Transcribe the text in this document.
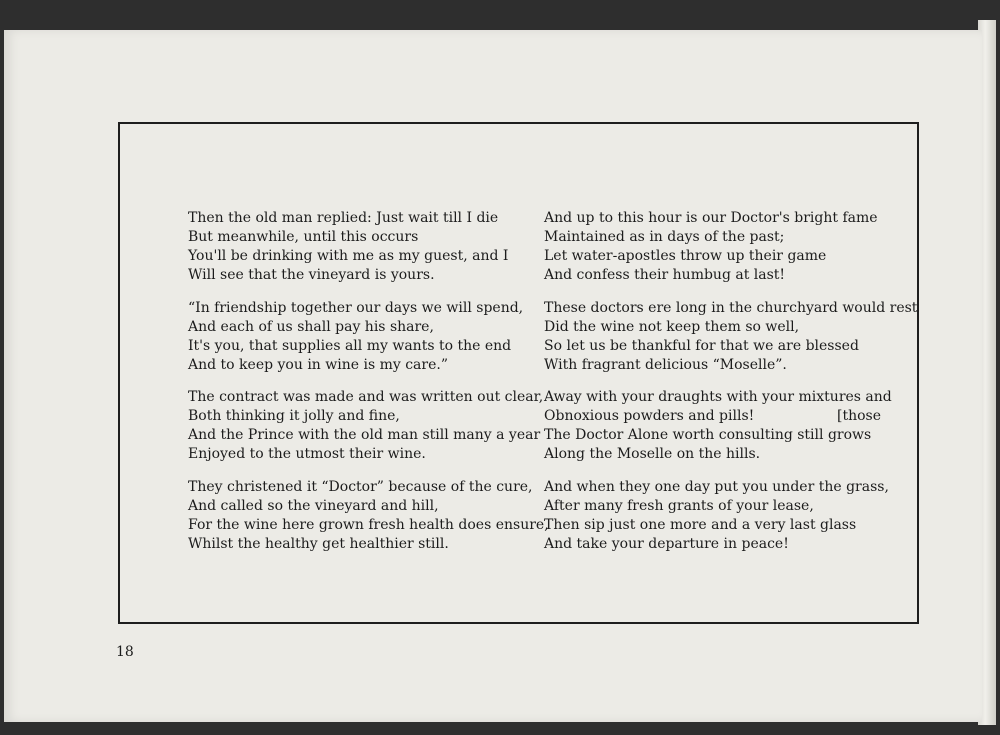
Then the old man replied: Just wait till I die
But meanwhile, until this occurs
You'll be drinking with me as my guest, and I
Will see that the vineyard is yours.
“In friendship together our days we will spend,
And each of us shall pay his share,
It's you, that supplies all my wants to the end
And to keep you in wine is my care.”
The contract was made and was written out clear,
Both thinking it jolly and fine,
And the Prince with the old man still many a year
Enjoyed to the utmost their wine.
They christened it “Doctor” because of the cure,
And called so the vineyard and hill,
For the wine here grown fresh health does ensure,
Whilst the healthy get healthier still.
And up to this hour is our Doctor's bright fame
Maintained as in days of the past;
Let water-apostles throw up their game
And confess their humbug at last!
These doctors ere long in the churchyard would rest
Did the wine not keep them so well,
So let us be thankful for that we are blessed
With fragrant delicious “Moselle”.
Away with your draughts with your mixtures and
Obnoxious powders and pills!	[those
The Doctor Alone worth consulting still grows
Along the Moselle on the hills.
And when they one day put you under the grass,
After many fresh grants of your lease,
Then sip just one more and a very last glass
And take your departure in peace!
18
